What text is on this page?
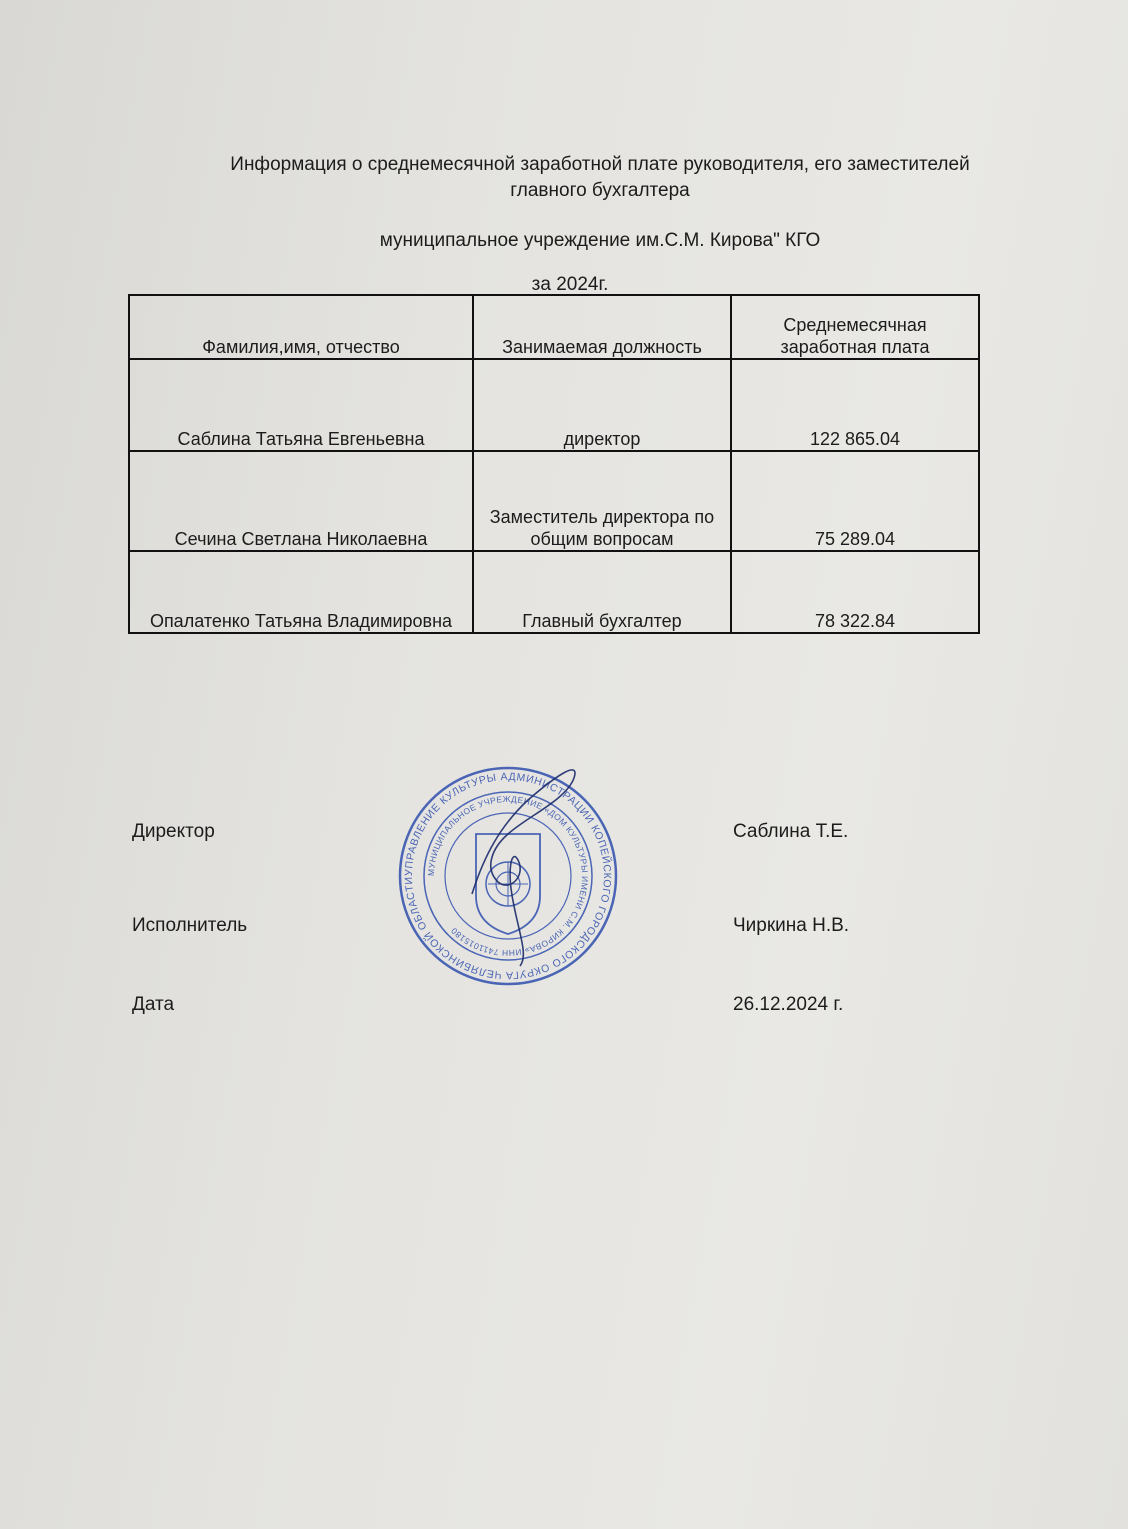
Информация о среднемесячной заработной плате руководителя, его заместителей
главного бухгалтера
муниципальное учреждение им.С.М. Кирова" КГО
за 2024г.
Фамилия,имя, отчество	Занимаемая должность	Среднемесячная заработная плата
Саблина Татьяна Евгеньевна	директор	122 865.04
Сечина Светлана Николаевна	Заместитель директора по общим вопросам	75 289.04
Опалатенко Татьяна Владимировна	Главный бухгалтер	78 322.84
Директор	Саблина Т.Е.
Исполнитель	Чиркина Н.В.
Дата	26.12.2024 г.
УПРАВЛЕНИЕ КУЛЬТУРЫ АДМИНИСТРАЦИИ КОПЕЙСКОГО ГОРОДСКОГО ОКРУГА ЧЕЛЯБИНСКОЙ ОБЛАСТИ
МУНИЦИПАЛЬНОЕ УЧРЕЖДЕНИЕ «ДОМ КУЛЬТУРЫ ИМЕНИ С.М. КИРОВА» ИНН 7411015180
